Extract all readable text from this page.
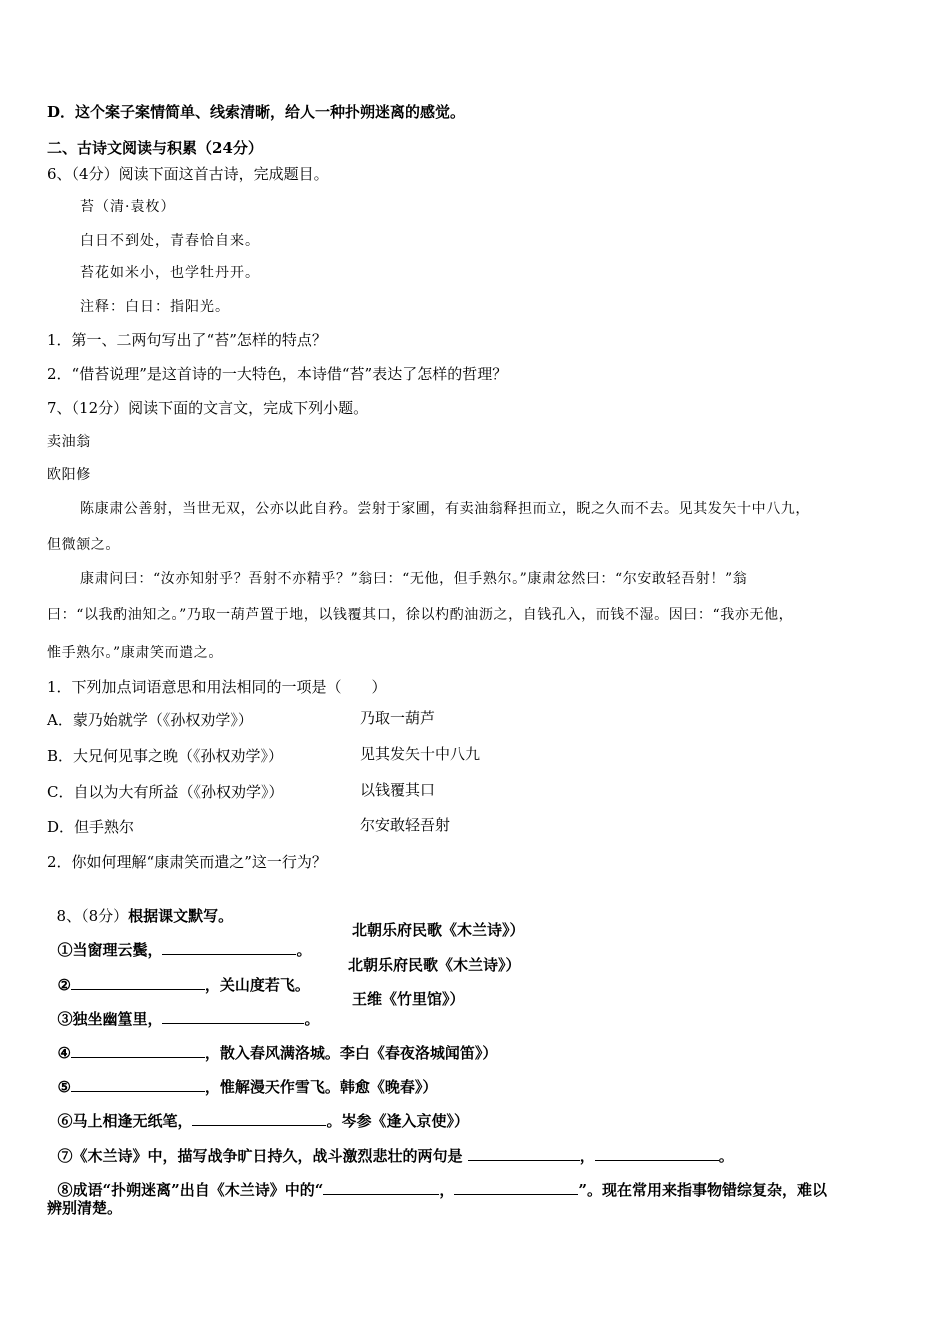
D．这个案子案情简单、线索清晰，给人一种扑朔迷离的感觉。
二、古诗文阅读与积累（24分）
6、（4分）阅读下面这首古诗，完成题目。
苔（清·袁枚）
白日不到处，青春恰自来。
苔花如米小，也学牡丹开。
注释：白日：指阳光。
1．第一、二两句写出了“苔”怎样的特点？
2．“借苔说理”是这首诗的一大特色，本诗借“苔”表达了怎样的哲理？
7、（12分）阅读下面的文言文，完成下列小题。
卖油翁
欧阳修
陈康肃公善射，当世无双，公亦以此自矜。尝射于家圃，有卖油翁释担而立，睨之久而不去。见其发矢十中八九，
但微颔之。
康肃问曰：“汝亦知射乎？吾射不亦精乎？”翁曰：“无他，但手熟尔。”康肃忿然曰：“尔安敢轻吾射！”翁
曰：“以我酌油知之。”乃取一葫芦置于地，以钱覆其口，徐以杓酌油沥之，自钱孔入，而钱不湿。因曰：“我亦无他，
惟手熟尔。”康肃笑而遣之。
1．下列加点词语意思和用法相同的一项是（　　）
A．蒙乃始就学（《孙权劝学》）	乃取一葫芦
B．大兄何见事之晚（《孙权劝学》）	见其发矢十中八九
C．自以为大有所益（《孙权劝学》）	以钱覆其口
D．但手熟尔	尔安敢轻吾射
2．你如何理解“康肃笑而遣之”这一行为？

8、（8分）根据课文默写。

①当窗理云鬓，	。

北朝乐府民歌《木兰诗》）

②	，关山度若飞。

北朝乐府民歌《木兰诗》）

③独坐幽篁里，	。

王维《竹里馆》）

④	，散入春风满洛城。李白《春夜洛城闻笛》）

⑤	，惟解漫天作雪飞。韩愈《晚春》）

⑥马上相逢无纸笔，	。岑参《逢入京使》）

⑦《木兰诗》中，描写战争旷日持久，战斗激烈悲壮的两句是	，	。

⑧成语“扑朔迷离”出自《木兰诗》中的“	，	”。现在常用来指事物错综复杂，难以

辨别清楚。
